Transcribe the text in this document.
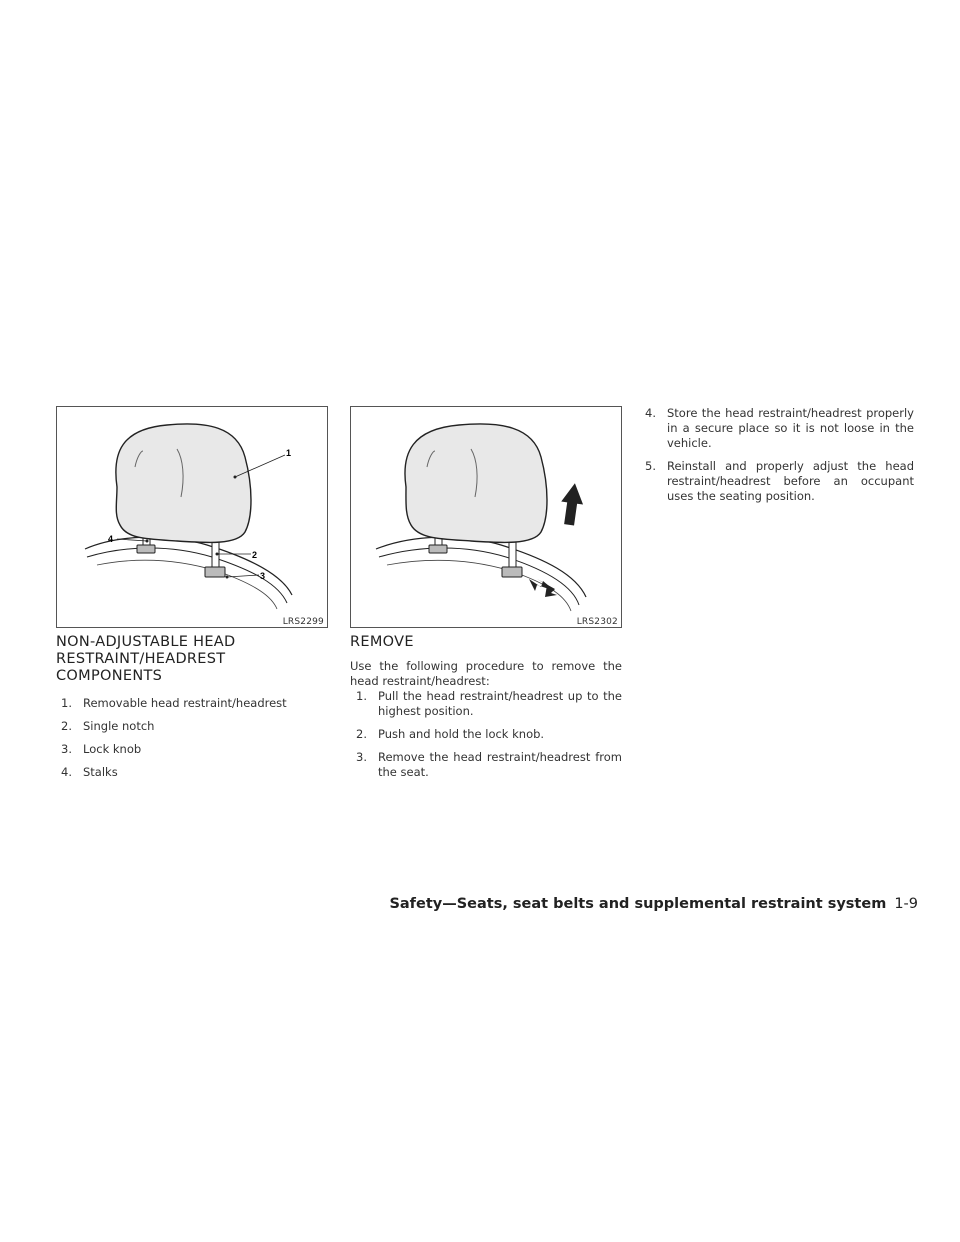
1
2
3
4
LRS2299	LRS2302
NON-ADJUSTABLE HEAD RESTRAINT/HEADREST COMPONENTS
1. Removable head restraint/headrest
2. Single notch
3. Lock knob
4. Stalks
REMOVE

Use the following procedure to remove the head restraint/headrest:

1. Pull the head restraint/headrest up to the highest position.
2. Push and hold the lock knob.
3. Remove the head restraint/headrest from the seat.
4. Store the head restraint/headrest properly in a secure place so it is not loose in the vehicle.
5. Reinstall and properly adjust the head restraint/headrest before an occupant uses the seating position.
Safety—Seats, seat belts and supplemental restraint system 1-9
